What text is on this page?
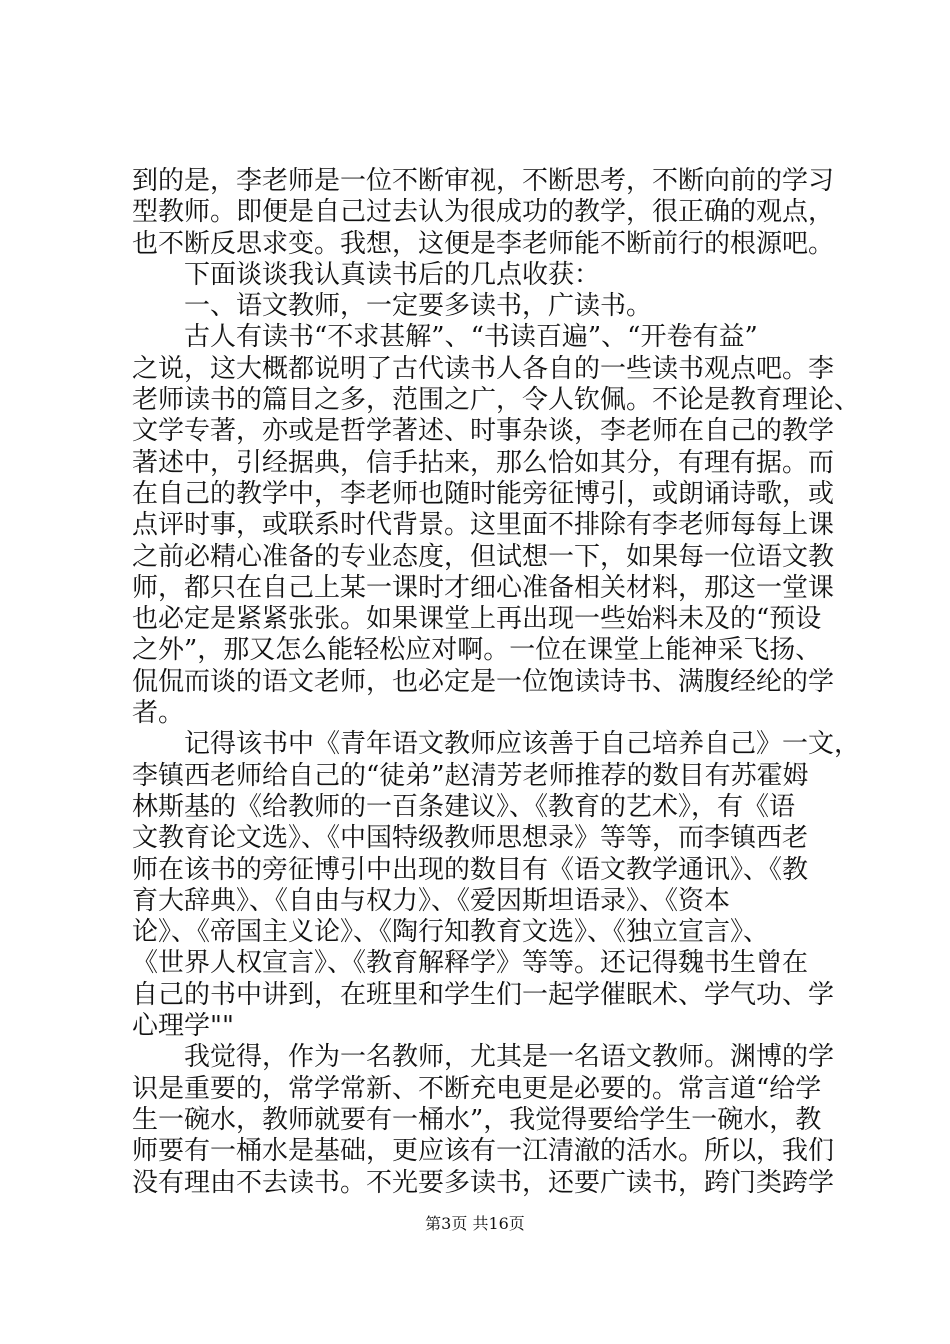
到的是，李老师是一位不断审视，不断思考，不断向前的学习
型教师。即便是自己过去认为很成功的教学，很正确的观点，
也不断反思求变。我想，这便是李老师能不断前行的根源吧。
下面谈谈我认真读书后的几点收获：
一、语文教师，一定要多读书，广读书。
古人有读书“不求甚解”、“书读百遍”、“开卷有益”
之说，这大概都说明了古代读书人各自的一些读书观点吧。李
老师读书的篇目之多，范围之广，令人钦佩。不论是教育理论、
文学专著，亦或是哲学著述、时事杂谈，李老师在自己的教学
著述中，引经据典，信手拈来，那么恰如其分，有理有据。而
在自己的教学中，李老师也随时能旁征博引，或朗诵诗歌，或
点评时事，或联系时代背景。这里面不排除有李老师每每上课
之前必精心准备的专业态度，但试想一下，如果每一位语文教
师，都只在自己上某一课时才细心准备相关材料，那这一堂课
也必定是紧紧张张。如果课堂上再出现一些始料未及的“预设
之外”，那又怎么能轻松应对啊。一位在课堂上能神采飞扬、
侃侃而谈的语文老师，也必定是一位饱读诗书、满腹经纶的学
者。
记得该书中《青年语文教师应该善于自己培养自己》一文，
李镇西老师给自己的“徒弟”赵清芳老师推荐的数目有苏霍姆
林斯基的《给教师的一百条建议》、《教育的艺术》，有《语
文教育论文选》、《中国特级教师思想录》等等，而李镇西老
师在该书的旁征博引中出现的数目有《语文教学通讯》、《教
育大辞典》、《自由与权力》、《爱因斯坦语录》、《资本
论》、《帝国主义论》、《陶行知教育文选》、《独立宣言》、
《世界人权宣言》、《教育解释学》等等。还记得魏书生曾在
自己的书中讲到，在班里和学生们一起学催眠术、学气功、学
心理学""
我觉得，作为一名教师，尤其是一名语文教师。渊博的学
识是重要的，常学常新、不断充电更是必要的。常言道“给学
生一碗水，教师就要有一桶水”，我觉得要给学生一碗水，教
师要有一桶水是基础，更应该有一江清澈的活水。所以，我们
没有理由不去读书。不光要多读书，还要广读书，跨门类跨学
第3页 共16页
